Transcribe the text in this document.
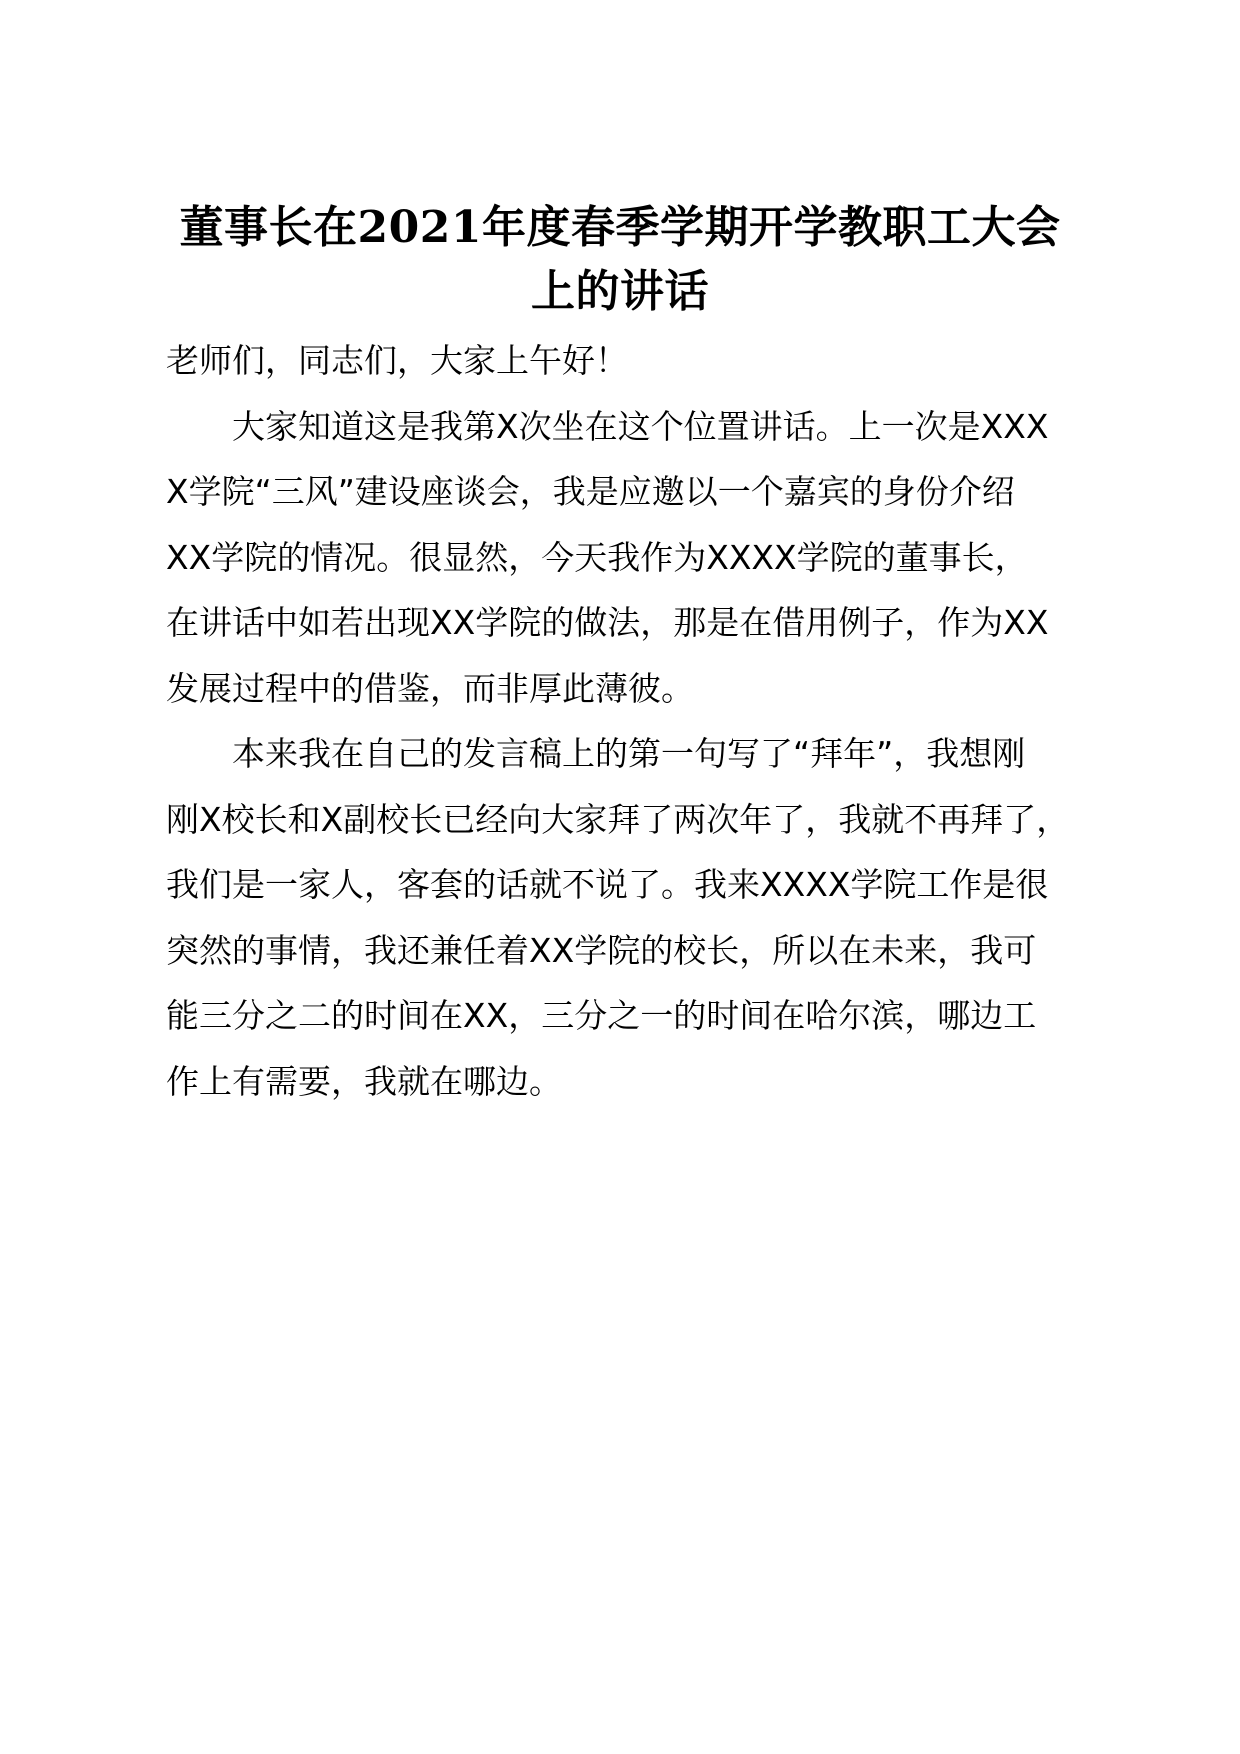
董事长在2021年度春季学期开学教职工大会
上的讲话
老师们，同志们，大家上午好！
大家知道这是我第X次坐在这个位置讲话。上一次是XXX
X学院“三风”建设座谈会，我是应邀以一个嘉宾的身份介绍
XX学院的情况。很显然，今天我作为XXXX学院的董事长，
在讲话中如若出现XX学院的做法，那是在借用例子，作为XX
发展过程中的借鉴，而非厚此薄彼。
本来我在自己的发言稿上的第一句写了“拜年”，我想刚
刚X校长和X副校长已经向大家拜了两次年了，我就不再拜了，
我们是一家人，客套的话就不说了。我来XXXX学院工作是很
突然的事情，我还兼任着XX学院的校长，所以在未来，我可
能三分之二的时间在XX，三分之一的时间在哈尔滨，哪边工
作上有需要，我就在哪边。
